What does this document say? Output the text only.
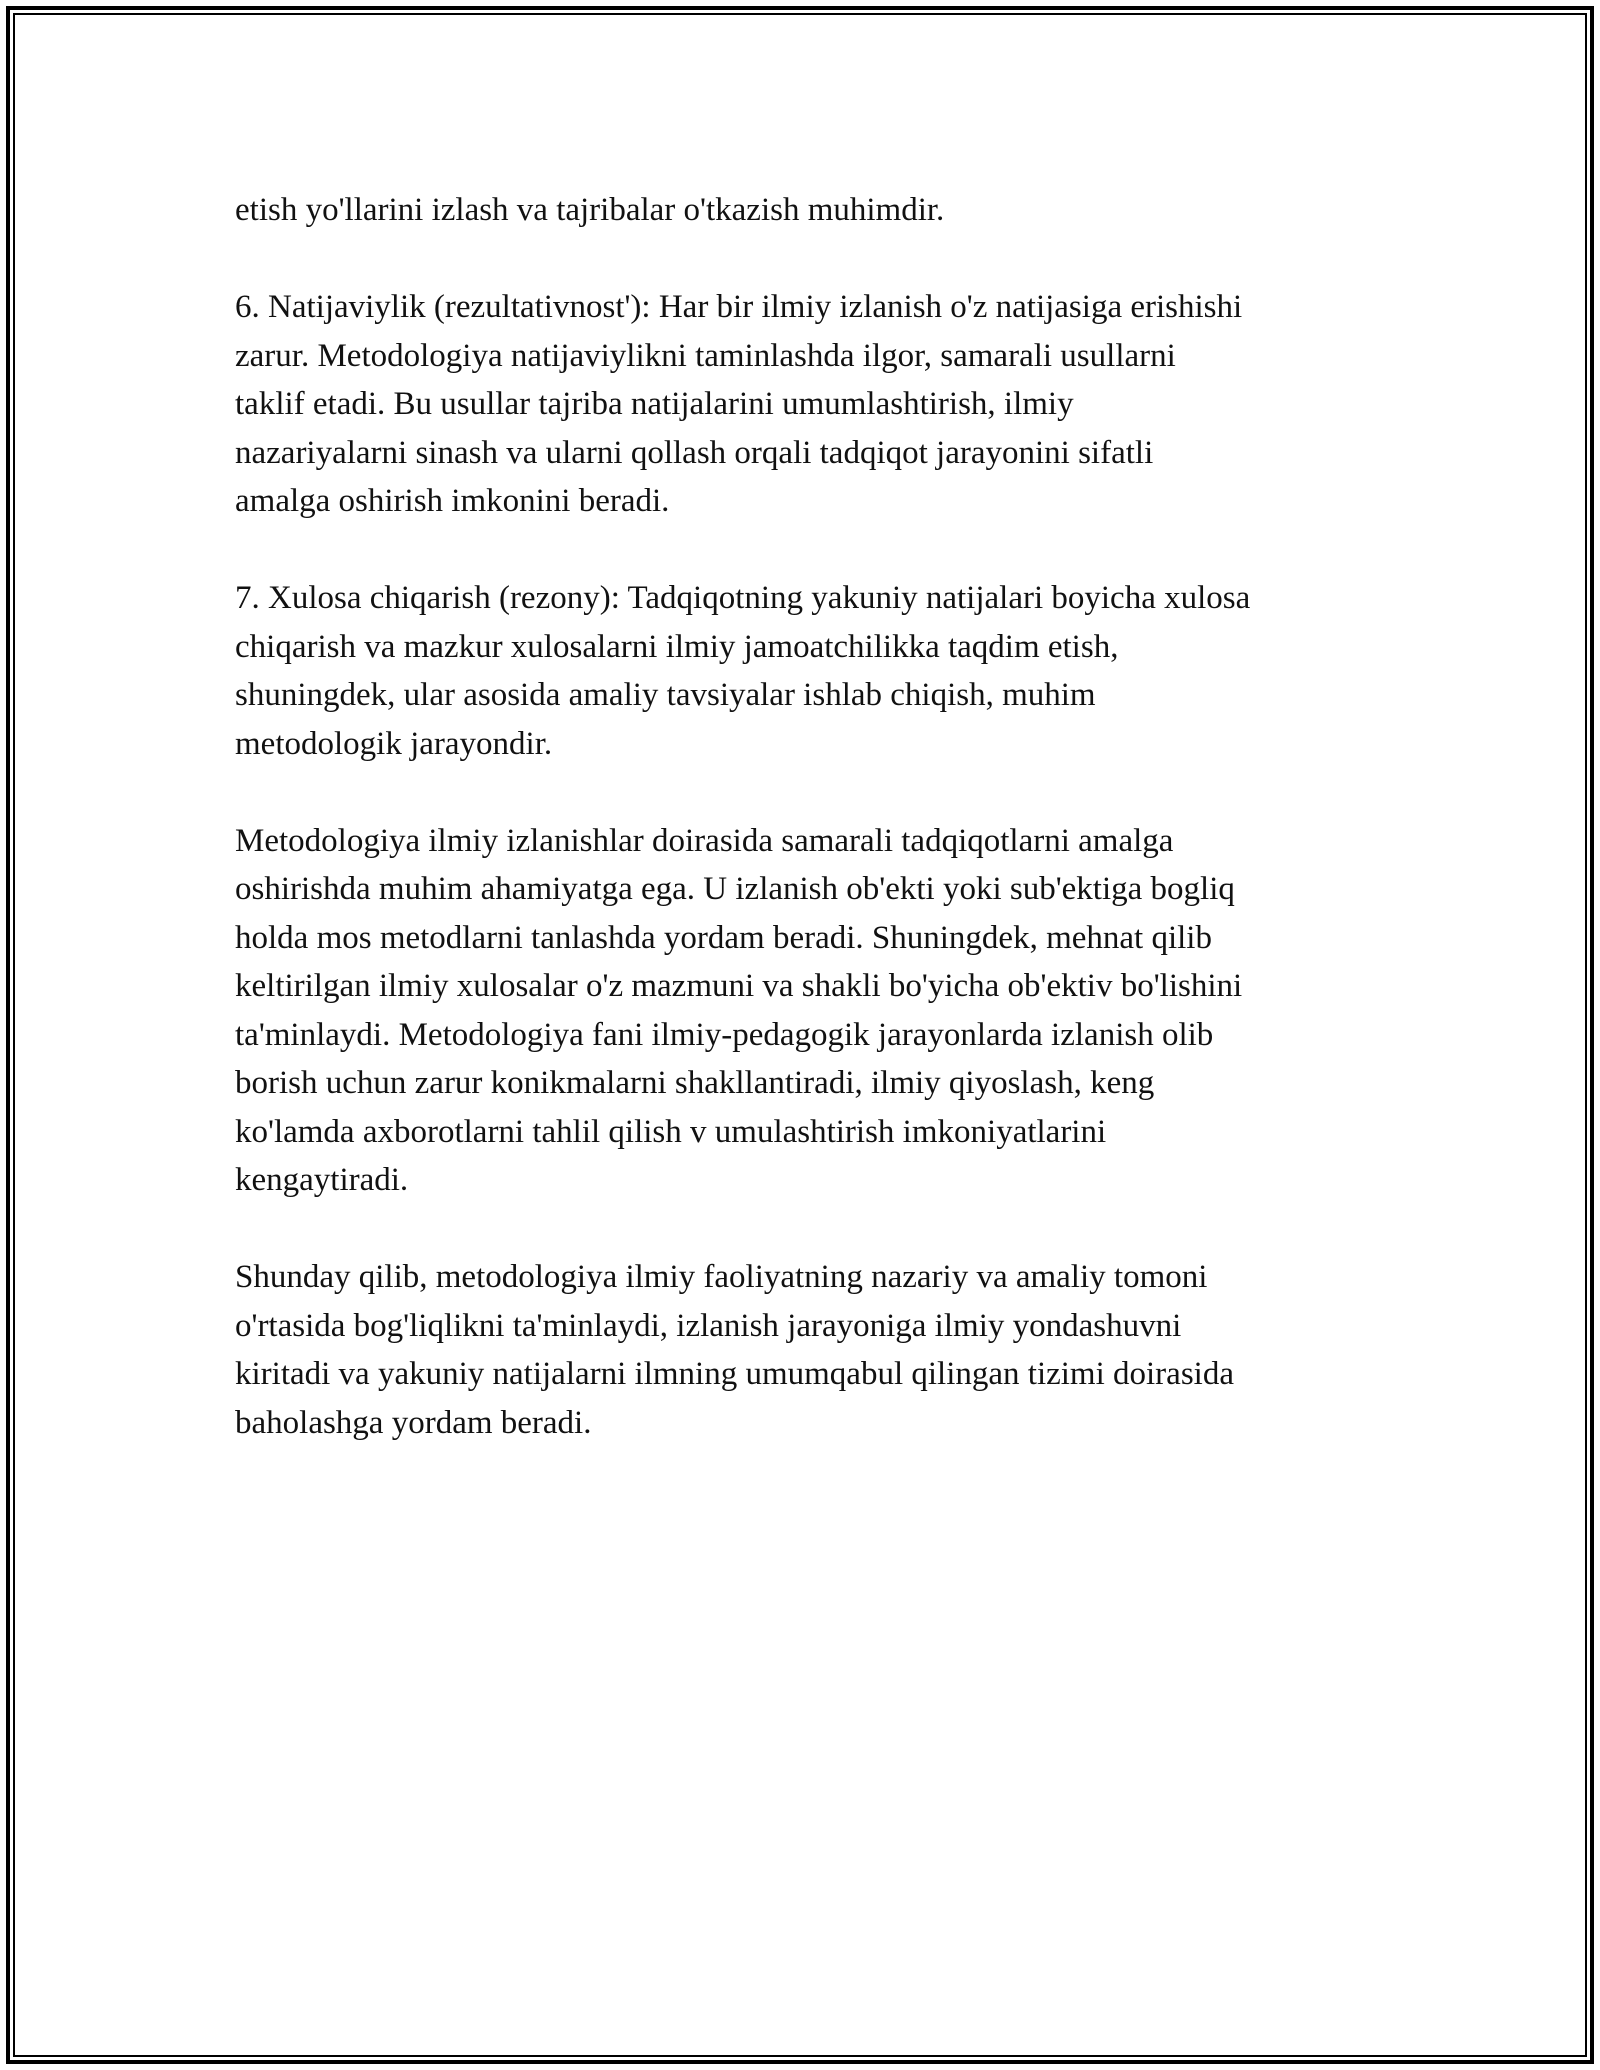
etish yo'llarini izlash va tajribalar o'tkazish muhimdir.

6. Natijaviylik (rezultativnost'): Har bir ilmiy izlanish o'z natijasiga erishishi
zarur. Metodologiya natijaviylikni taminlashda ilgor, samarali usullarni
taklif etadi. Bu usullar tajriba natijalarini umumlashtirish, ilmiy
nazariyalarni sinash va ularni qollash orqali tadqiqot jarayonini sifatli
amalga oshirish imkonini beradi.

7. Xulosa chiqarish (rezony): Tadqiqotning yakuniy natijalari boyicha xulosa
chiqarish va mazkur xulosalarni ilmiy jamoatchilikka taqdim etish,
shuningdek, ular asosida amaliy tavsiyalar ishlab chiqish, muhim
metodologik jarayondir.

Metodologiya ilmiy izlanishlar doirasida samarali tadqiqotlarni amalga
oshirishda muhim ahamiyatga ega. U izlanish ob'ekti yoki sub'ektiga bogliq
holda mos metodlarni tanlashda yordam beradi. Shuningdek, mehnat qilib
keltirilgan ilmiy xulosalar o'z mazmuni va shakli bo'yicha ob'ektiv bo'lishini
ta'minlaydi. Metodologiya fani ilmiy-pedagogik jarayonlarda izlanish olib
borish uchun zarur konikmalarni shakllantiradi, ilmiy qiyoslash, keng
ko'lamda axborotlarni tahlil qilish v umulashtirish imkoniyatlarini
kengaytiradi.

Shunday qilib, metodologiya ilmiy faoliyatning nazariy va amaliy tomoni
o'rtasida bog'liqlikni ta'minlaydi, izlanish jarayoniga ilmiy yondashuvni
kiritadi va yakuniy natijalarni ilmning umumqabul qilingan tizimi doirasida
baholashga yordam beradi.
